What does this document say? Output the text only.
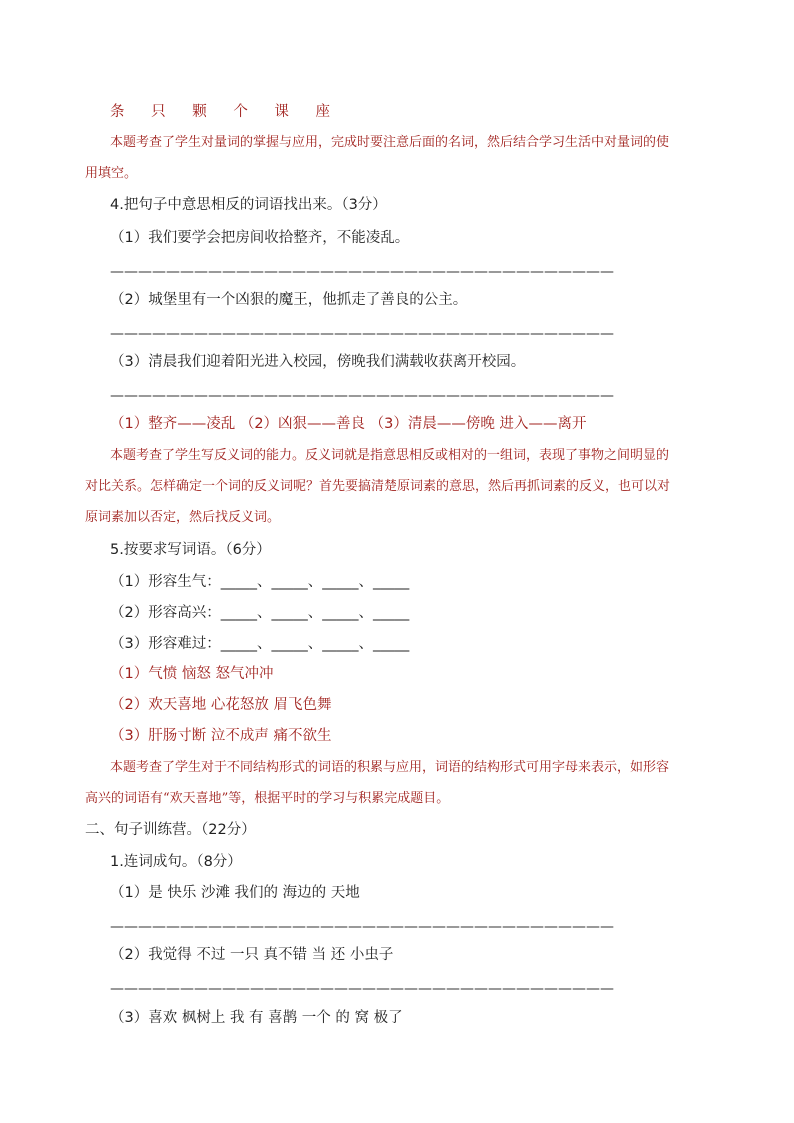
条 只 颗 个 课 座
本题考查了学生对量词的掌握与应用，完成时要注意后面的名词，然后结合学习生活中对量词的使
用填空。
4.把句子中意思相反的词语找出来。（3分）
（1）我们要学会把房间收拾整齐，不能凌乱。
————————————————————————————————————
（2）城堡里有一个凶狠的魔王，他抓走了善良的公主。
————————————————————————————————————
（3）清晨我们迎着阳光进入校园，傍晚我们满载收获离开校园。
————————————————————————————————————
（1）整齐——凌乱 （2）凶狠——善良 （3）清晨——傍晚 进入——离开
本题考查了学生写反义词的能力。反义词就是指意思相反或相对的一组词，表现了事物之间明显的
对比关系。怎样确定一个词的反义词呢？首先要搞清楚原词素的意思，然后再抓词素的反义，也可以对
原词素加以否定，然后找反义词。
5.按要求写词语。（6分）
（1）形容生气：_____、_____、_____、_____
（2）形容高兴：_____、_____、_____、_____
（3）形容难过：_____、_____、_____、_____
（1）气愤 恼怒 怒气冲冲
（2）欢天喜地 心花怒放 眉飞色舞
（3）肝肠寸断 泣不成声 痛不欲生
本题考查了学生对于不同结构形式的词语的积累与应用，词语的结构形式可用字母来表示，如形容
高兴的词语有“欢天喜地”等，根据平时的学习与积累完成题目。
二、句子训练营。（22分）
1.连词成句。（8分）
（1）是 快乐 沙滩 我们的 海边的 天地
————————————————————————————————————
（2）我觉得 不过 一只 真不错 当 还 小虫子
————————————————————————————————————
（3）喜欢 枫树上 我 有 喜鹊 一个 的 窝 极了
